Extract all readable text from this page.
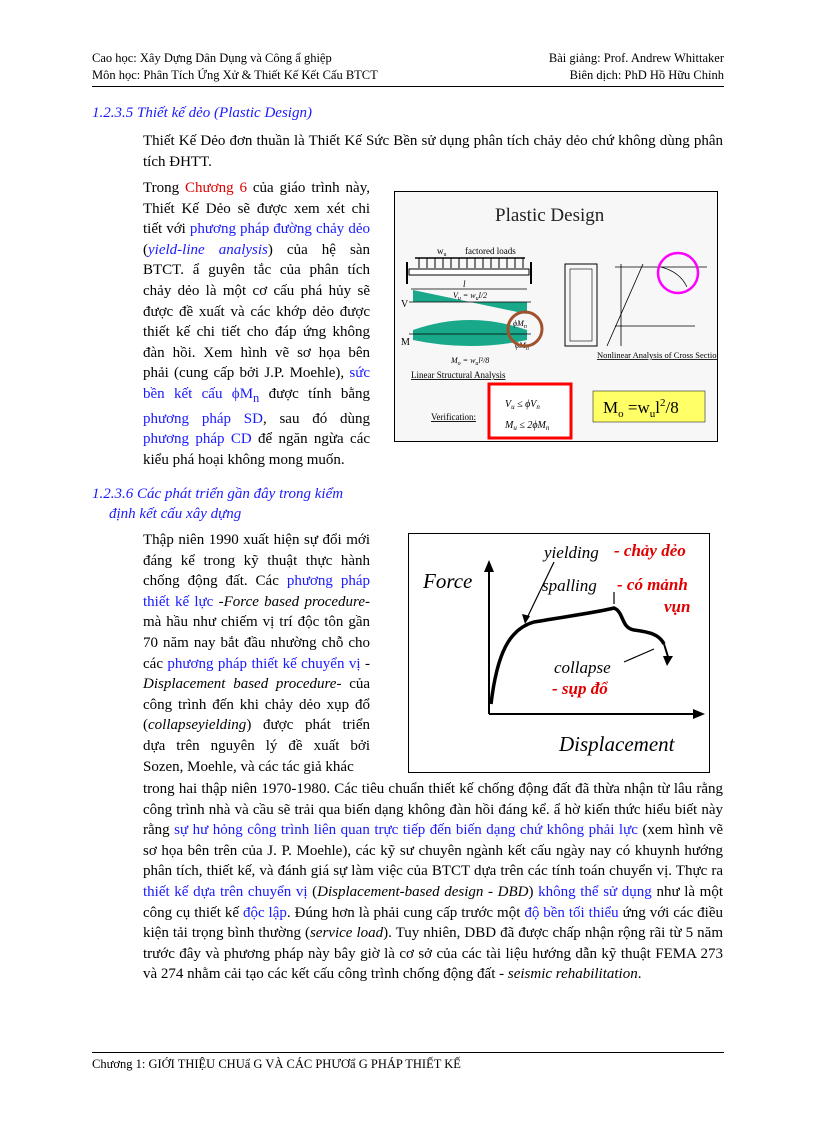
Cao học: Xây Dựng Dân Dụng và Công ẩ ghiệp	Bài giảng: Prof. Andrew Whittaker
Môn học: Phân Tích Ứng Xử & Thiết Kế Kết Cấu BTCT	Biên dịch: PhD Hồ Hữu Chỉnh
1.2.3.5 Thiết kế dẻo (Plastic Design)
Thiết Kế Dẻo đơn thuần là Thiết Kế Sức Bền sử dụng phân tích chảy dẻo chứ không dùng phân tích ĐHTT.
Trong Chương 6 của giáo trình này, Thiết Kế Dẻo sẽ được xem xét chi tiết với phương pháp đường chảy dẻo (yield-line analysis) của hệ sàn BTCT. ẩ guyên tắc của phân tích chảy dẻo là một cơ cấu phá hủy sẽ được đề xuất và các khớp dẻo được thiết kế chi tiết cho đáp ứng không đàn hồi. Xem hình vẽ sơ họa bên phải (cung cấp bởi J.P. Moehle), sức bền kết cấu $\phi M_n$ được tính bằng phương pháp SD, sau đó dùng phương pháp CD để ngăn ngừa các kiểu phá hoại không mong muốn.
Plastic Design
$w_u$ factored loads
l
$V_u = w_ul/2$
V
M
$\phi M_n$
$\phi M_n$
$M_o = w_ul^2/8$
Linear Structural Analysis
Nonlinear Analysis of Cross Section
Verification:
$V_u \le \phi V_n$
$M_u \le 2\phi M_n$
$M_o =w_ul^2/8$
1.2.3.6 Các phát triển gần đây trong kiểm
định kết cấu xây dựng
Thập niên 1990 xuất hiện sự đổi mới đáng kể trong kỹ thuật thực hành chống động đất. Các phương pháp thiết kế lực -Force based procedure- mà hầu như chiếm vị trí độc tôn gần 70 năm nay bắt đầu nhường chỗ cho các phương pháp thiết kế chuyển vị -Displacement based procedure- của công trình đến khi chảy dẻo xụp đổ (collapseyielding) được phát triển dựa trên nguyên lý đề xuất bởi Sozen, Moehle, và các tác giả khác
Force
Displacement
yielding - chảy dẻo
spalling - có mảnh
vụn
collapse
- sụp đổ
trong hai thập niên 1970-1980. Các tiêu chuẩn thiết kế chống động đất đã thừa nhận từ lâu rằng công trình nhà và cầu sẽ trải qua biến dạng không đàn hồi đáng kể. ẩ hờ kiến thức hiểu biết này rằng sự hư hỏng công trình liên quan trực tiếp đến biến dạng chứ không phải lực (xem hình vẽ sơ họa bên trên của J. P. Moehle), các kỹ sư chuyên ngành kết cấu ngày nay có khuynh hướng phân tích, thiết kế, và đánh giá sự làm việc của BTCT dựa trên các tính toán chuyển vị. Thực ra thiết kế dựa trên chuyển vị (Displacement-based design - DBD) không thể sử dụng như là một công cụ thiết kế độc lập. Đúng hơn là phải cung cấp trước một độ bền tối thiểu ứng với các điều kiện tải trọng bình thường (service load). Tuy nhiên, DBD đã được chấp nhận rộng rãi từ 5 năm trước đây và phương pháp này bây giờ là cơ sở của các tài liệu hướng dẫn kỹ thuật FEMA 273 và 274 nhằm cải tạo các kết cấu công trình chống động đất - seismic rehabilitation.
Chương 1: GIỚI THIỆU CHUẩ G VÀ CÁC PHƯƠẩ G PHÁP THIẾT KẾ
